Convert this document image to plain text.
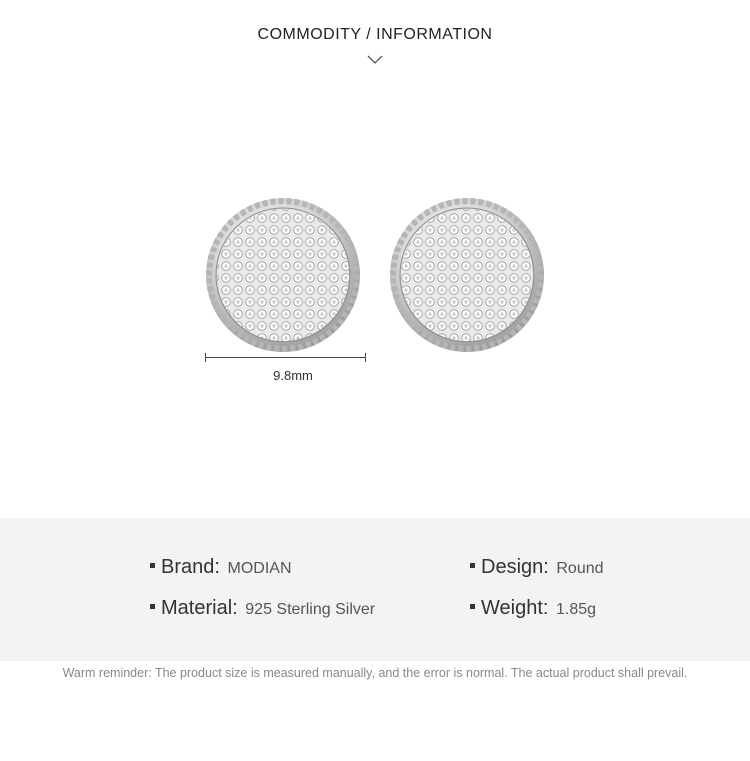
COMMODITY / INFORMATION
9.8mm
Brand: MODIAN	Design: Round
Material: 925 Sterling Silver	Weight: 1.85g
Warm reminder: The product size is measured manually, and the error is normal. The actual product shall prevail.
